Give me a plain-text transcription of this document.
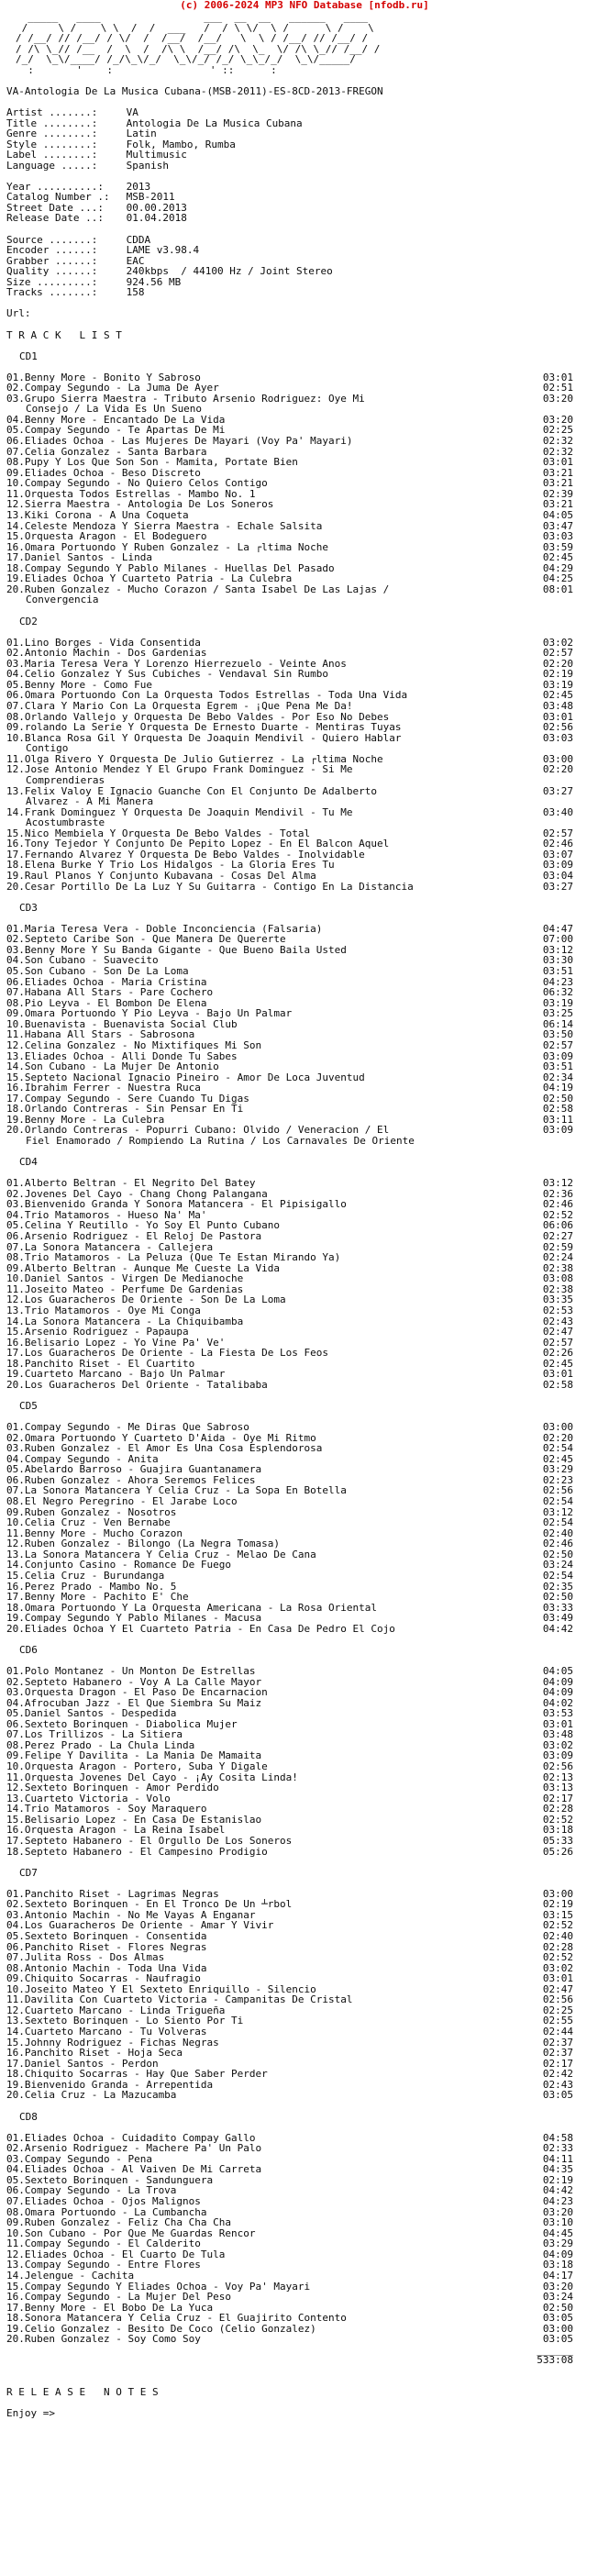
(c) 2006-2024 MP3 NFO Database [nfodb.ru]
_____   ____                 ___  __  __   ______   ____
/     \ /    \ \  /  /  ___   /  / \ \/  \ /      \ /    \
/ /__/ // /__/ / \/  /  /__/  /__/   \  \ / /__/ // /__/ /
/ /\ \_// /__  /  \  /  /\ \  /__/ /\  \_  \/ /\ \_// /__/ /
/_/  \_\/____/ /_/\_\/_/  \_\/_/ /_/ \_\_/_/  \_\/_____/
:       '    :                ' ::      :
VA-Antologia_De_La_Musica_Cubana-(MSB-2011)-ES-8CD-2013-FREGON
Artist .......: VA
Title ........: Antologia De La Musica Cubana
Genre ........: Latin
Style ........: Folk, Mambo, Rumba
Label ........: Multimusic
Language .....: Spanish
Year ..........: 2013
Catalog Number .: MSB-2011
Street Date ...: 00.00.2013
Release Date ..: 01.04.2018
Source .......: CDDA
Encoder ......: LAME v3.98.4
Grabber ......: EAC
Quality ......: 240kbps  / 44100 Hz / Joint Stereo
Size .........: 924.56 MB
Tracks .......: 158
Url:
T R A C K   L I S T
CD1
01.Benny More - Bonito Y Sabroso	03:01
02.Compay Segundo - La Juma De Ayer	02:51
03.Grupo Sierra Maestra - Tributo Arsenio Rodriguez: Oye Mi	03:20
Consejo / La Vida Es Un Sueno
04.Benny More - Encantado De La Vida	03:20
05.Compay Segundo - Te Apartas De Mi	02:25
06.Eliades Ochoa - Las Mujeres De Mayari (Voy Pa' Mayari)	02:32
07.Celia Gonzalez - Santa Barbara	02:32
08.Pupy Y Los Que Son Son - Mamita, Portate Bien	03:01
09.Eliades Ochoa - Beso Discreto	03:21
10.Compay Segundo - No Quiero Celos Contigo	03:21
11.Orquesta Todos Estrellas - Mambo No. 1	02:39
12.Sierra Maestra - Antologia De Los Soneros	03:21
13.Kiki Corona - A Una Coqueta	04:05
14.Celeste Mendoza Y Sierra Maestra - Echale Salsita	03:47
15.Orquesta Aragon - El Bodeguero	03:03
16.Omara Portuondo Y Ruben Gonzalez - La ┌ltima Noche	03:59
17.Daniel Santos - Linda	02:45
18.Compay Segundo Y Pablo Milanes - Huellas Del Pasado	04:29
19.Eliades Ochoa Y Cuarteto Patria - La Culebra	04:25
20.Ruben Gonzalez - Mucho Corazon / Santa Isabel De Las Lajas /	08:01
Convergencia
CD2
01.Lino Borges - Vida Consentida	03:02
02.Antonio Machin - Dos Gardenias	02:57
03.Maria Teresa Vera Y Lorenzo Hierrezuelo - Veinte Anos	02:20
04.Celio Gonzalez Y Sus Cubiches - Vendaval Sin Rumbo	02:19
05.Benny More - Como Fue	03:19
06.Omara Portuondo Con La Orquesta Todos Estrellas - Toda Una Vida	02:45
07.Clara Y Mario Con La Orquesta Egrem - ¡Que Pena Me Da!	03:48
08.Orlando Vallejo y Orquesta De Bebo Valdes - Por Eso No Debes	03:01
09.rolando La Serie Y Orquesta De Ernesto Duarte - Mentiras Tuyas	02:56
10.Blanca Rosa Gil Y Orquesta De Joaquin Mendivil - Quiero Hablar	03:03
Contigo
11.Olga Rivero Y Orquesta De Julio Gutierrez - La ┌ltima Noche	03:00
12.Jose Antonio Mendez Y El Grupo Frank Dominguez - Si Me	02:20
Comprendieras
13.Felix Valoy E Ignacio Guanche Con El Conjunto De Adalberto	03:27
Álvarez - A Mi Manera
14.Frank Dominguez Y Orquesta De Joaquin Mendivil - Tu Me	03:40
Acostumbraste
15.Nico Membiela Y Orquesta De Bebo Valdes - Total	02:57
16.Tony Tejedor Y Conjunto De Pepito Lopez - En El Balcon Aquel	02:46
17.Fernando Alvarez Y Orquesta De Bebo Valdes - Inolvidable	03:07
18.Elena Burke Y Trio Los Hidalgos - La Gloria Eres Tu	03:09
19.Raul Planos Y Conjunto Kubavana - Cosas Del Alma	03:04
20.Cesar Portillo De La Luz Y Su Guitarra - Contigo En La Distancia	03:27
CD3
01.Maria Teresa Vera - Doble Inconciencia (Falsaria)	04:47
02.Septeto Caribe Son - Que Manera De Quererte	07:00
03.Benny More Y Su Banda Gigante - Que Bueno Baila Usted	03:12
04.Son Cubano - Suavecito	03:30
05.Son Cubano - Son De La Loma	03:51
06.Eliades Ochoa - Maria Cristina	04:23
07.Habana All Stars - Pare Cochero	06:32
08.Pio Leyva - El Bombon De Elena	03:19
09.Omara Portuondo Y Pio Leyva - Bajo Un Palmar	03:25
10.Buenavista - Buenavista Social Club	06:14
11.Habana All Stars - Sabrosona	03:50
12.Celina Gonzalez - No Mixtifiques Mi Son	02:57
13.Eliades Ochoa - Alli Donde Tu Sabes	03:09
14.Son Cubano - La Mujer De Antonio	03:51
15.Septeto Nacional Ignacio Pineiro - Amor De Loca Juventud	02:34
16.Ibrahim Ferrer - Nuestra Ruca	04:19
17.Compay Segundo - Sere Cuando Tu Digas	02:50
18.Orlando Contreras - Sin Pensar En Ti	02:58
19.Benny More - La Culebra	03:11
20.Orlando Contreras - Popurri Cubano: Olvido / Veneracion / El	03:09
Fiel Enamorado / Rompiendo La Rutina / Los Carnavales De Oriente
CD4
01.Alberto Beltran - El Negrito Del Batey	03:12
02.Jovenes Del Cayo - Chang Chong Palangana	02:36
03.Bienvenido Granda Y Sonora Matancera - El Pipisigallo	02:46
04.Trio Matamoros - Hueso Na' Ma'	02:52
05.Celina Y Reutillo - Yo Soy El Punto Cubano	06:06
06.Arsenio Rodriguez - El Reloj De Pastora	02:27
07.La Sonora Matancera - Callejera	02:59
08.Trio Matamoros - La Peluza (Que Te Estan Mirando Ya)	02:24
09.Alberto Beltran - Aunque Me Cueste La Vida	02:38
10.Daniel Santos - Virgen De Medianoche	03:08
11.Joseito Mateo - Perfume De Gardenias	02:38
12.Los Guaracheros De Oriente - Son De La Loma	03:35
13.Trio Matamoros - Oye Mi Conga	02:53
14.La Sonora Matancera - La Chiquibamba	02:43
15.Arsenio Rodriguez - Papaupa	02:47
16.Belisario Lopez - Yo Vine Pa' Ve'	02:57
17.Los Guaracheros De Oriente - La Fiesta De Los Feos	02:26
18.Panchito Riset - El Cuartito	02:45
19.Cuarteto Marcano - Bajo Un Palmar	03:01
20.Los Guaracheros Del Oriente - Tatalibaba	02:58
CD5
01.Compay Segundo - Me Diras Que Sabroso	03:00
02.Omara Portuondo Y Cuarteto D'Aida - Oye Mi Ritmo	02:20
03.Ruben Gonzalez - El Amor Es Una Cosa Esplendorosa	02:54
04.Compay Segundo - Anita	02:45
05.Abelardo Barroso - Guajira Guantanamera	03:29
06.Ruben Gonzalez - Ahora Seremos Felices	02:23
07.La Sonora Matancera Y Celia Cruz - La Sopa En Botella	02:56
08.El Negro Peregrino - El Jarabe Loco	02:54
09.Ruben Gonzalez - Nosotros	03:12
10.Celia Cruz - Ven Bernabe	02:54
11.Benny More - Mucho Corazon	02:40
12.Ruben Gonzalez - Bilongo (La Negra Tomasa)	02:46
13.La Sonora Matancera Y Celia Cruz - Melao De Cana	02:50
14.Conjunto Casino - Romance De Fuego	03:24
15.Celia Cruz - Burundanga	02:54
16.Perez Prado - Mambo No. 5	02:35
17.Benny More - Pachito E' Che	02:50
18.Omara Portuondo Y La Orquesta Americana - La Rosa Oriental	03:33
19.Compay Segundo Y Pablo Milanes - Macusa	03:49
20.Eliades Ochoa Y El Cuarteto Patria - En Casa De Pedro El Cojo	04:42
CD6
01.Polo Montanez - Un Monton De Estrellas	04:05
02.Septeto Habanero - Voy A La Calle Mayor	04:09
03.Orquesta Dragon - El Paso De Encarnacion	04:09
04.Afrocuban Jazz - El Que Siembra Su Maiz	04:02
05.Daniel Santos - Despedida	03:53
06.Sexteto Borinquen - Diabolica Mujer	03:01
07.Los Trillizos - La Sitiera	03:48
08.Perez Prado - La Chula Linda	03:02
09.Felipe Y Davilita - La Mania De Mamaita	03:09
10.Orquesta Aragon - Portero, Suba Y Digale	02:56
11.Orquesta Jovenes Del Cayo - ¡Ay Cosita Linda!	02:13
12.Sexteto Borinquen - Amor Perdido	03:13
13.Cuarteto Victoria - Volo	02:17
14.Trio Matamoros - Soy Maraquero	02:28
15.Belisario Lopez - En Casa De Estanislao	02:52
16.Orquesta Aragon - La Reina Isabel	03:18
17.Septeto Habanero - El Orgullo De Los Soneros	05:33
18.Septeto Habanero - El Campesino Prodigio	05:26
CD7
01.Panchito Riset - Lagrimas Negras	03:00
02.Sexteto Borinquen - En El Tronco De Un ┴rbol	02:19
03.Antonio Machin - No Me Vayas A Enganar	03:15
04.Los Guaracheros De Oriente - Amar Y Vivir	02:52
05.Sexteto Borinquen - Consentida	02:40
06.Panchito Riset - Flores Negras	02:28
07.Julita Ross - Dos Almas	02:52
08.Antonio Machin - Toda Una Vida	03:02
09.Chiquito Socarras - Naufragio	03:01
10.Joseito Mateo Y El Sexteto Enriquillo - Silencio	02:47
11.Davilita Con Cuarteto Victoria - Campanitas De Cristal	02:56
12.Cuarteto Marcano - Linda Trigueña	02:25
13.Sexteto Borinquen - Lo Siento Por Ti	02:55
14.Cuarteto Marcano - Tu Volveras	02:44
15.Johnny Rodriguez - Fichas Negras	02:37
16.Panchito Riset - Hoja Seca	02:37
17.Daniel Santos - Perdon	02:17
18.Chiquito Socarras - Hay Que Saber Perder	02:42
19.Bienvenido Granda - Arrepentida	02:43
20.Celia Cruz - La Mazucamba	03:05
CD8
01.Eliades Ochoa - Cuidadito Compay Gallo	04:58
02.Arsenio Rodriguez - Machere Pa' Un Palo	02:33
03.Compay Segundo - Pena	04:11
04.Eliades Ochoa - Al Vaiven De Mi Carreta	04:35
05.Sexteto Borinquen - Sandunguera	02:19
06.Compay Segundo - La Trova	04:42
07.Eliades Ochoa - Ojos Malignos	04:23
08.Omara Portuondo - La Cumbancha	03:20
09.Ruben Gonzalez - Feliz Cha Cha Cha	03:10
10.Son Cubano - Por Que Me Guardas Rencor	04:45
11.Compay Segundo - El Calderito	03:29
12.Eliades Ochoa - El Cuarto De Tula	04:09
13.Compay Segundo - Entre Flores	03:18
14.Jelengue - Cachita	04:17
15.Compay Segundo Y Eliades Ochoa - Voy Pa' Mayari	03:20
16.Compay Segundo - La Mujer Del Peso	03:24
17.Benny More - El Bobo De La Yuca	02:50
18.Sonora Matancera Y Celia Cruz - El Guajirito Contento	03:05
19.Celio Gonzalez - Besito De Coco (Celio Gonzalez)	03:00
20.Ruben Gonzalez - Soy Como Soy	03:05
______
533:08
R E L E A S E   N O T E S
Enjoy =>
